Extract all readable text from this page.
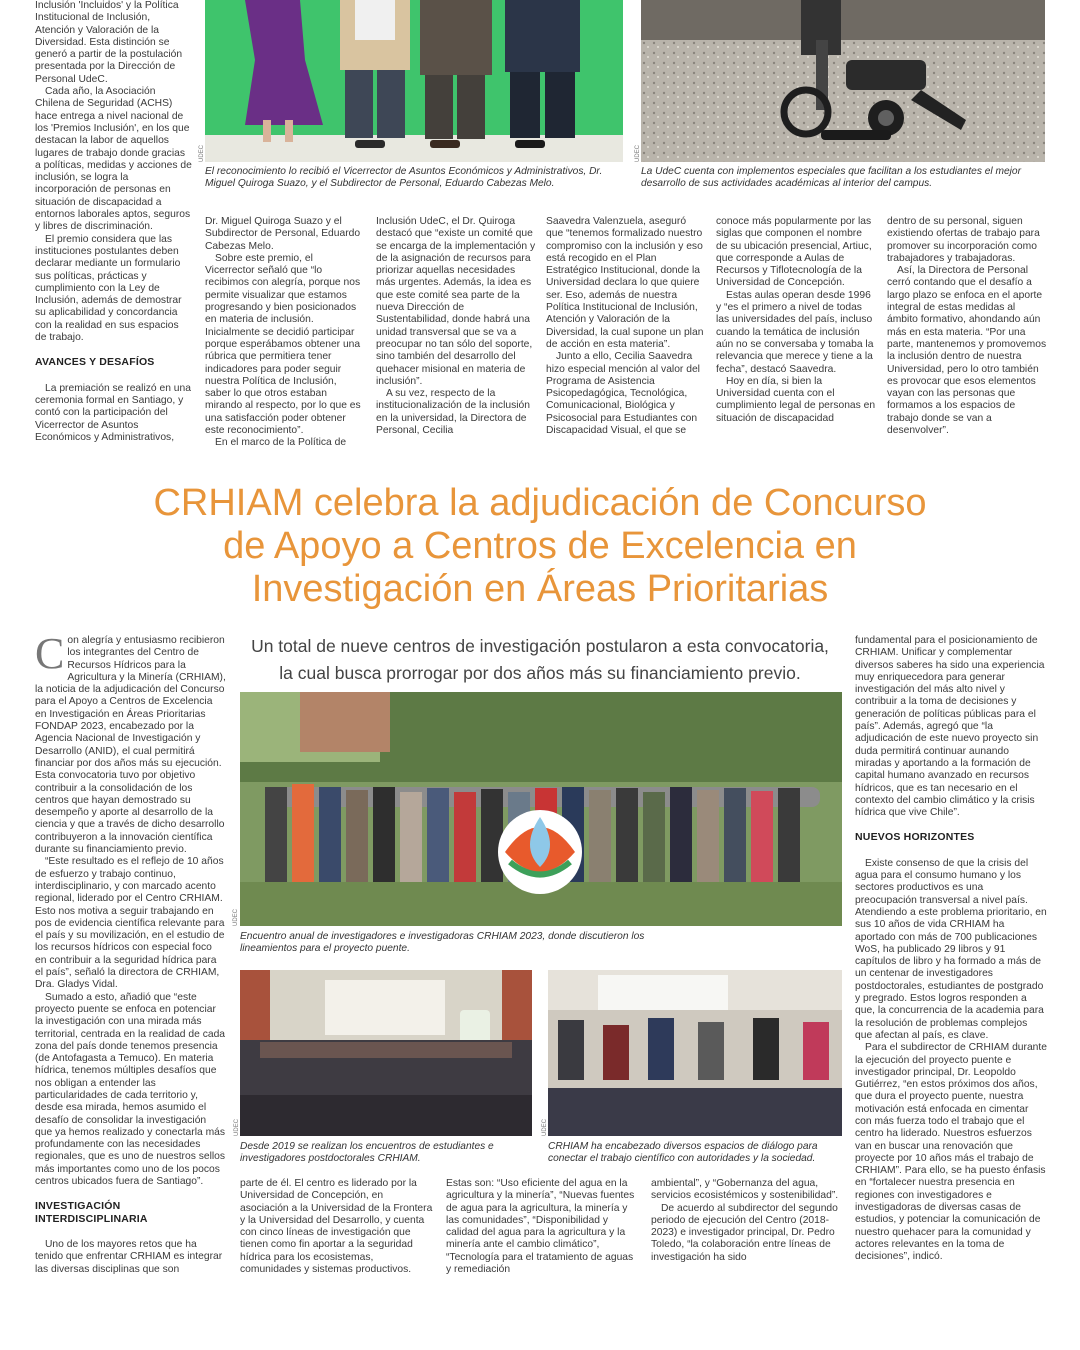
Inclusión 'Incluidos' y la Política Institucional de Inclusión, Atención y Valoración de la Diversidad. Esta distinción se generó a partir de la postulación presentada por la Dirección de Personal UdeC.

Cada año, la Asociación Chilena de Seguridad (ACHS) hace entrega a nivel nacional de los 'Premios Inclusión', en los que destacan la labor de aquellos lugares de trabajo donde gracias a políticas, medidas y acciones de inclusión, se logra la incorporación de personas en situación de discapacidad a entornos laborales aptos, seguros y libres de discriminación.

El premio considera que las instituciones postulantes deben declarar mediante un formulario sus políticas, prácticas y cumplimiento con la Ley de Inclusión, además de demostrar su aplicabilidad y concordancia con la realidad en sus espacios de trabajo.

AVANCES Y DESAFÍOS

La premiación se realizó en una ceremonia formal en Santiago, y contó con la participación del Vicerrector de Asuntos Económicos y Administrativos,

UDEC
El reconocimiento lo recibió el Vicerrector de Asuntos Económicos y Administrativos, Dr. Miguel Quiroga Suazo, y el Subdirector de Personal, Eduardo Cabezas Melo.
UDEC
La UdeC cuenta con implementos especiales que facilitan a los estudiantes el mejor desarrollo de sus actividades académicas al interior del campus.

Dr. Miguel Quiroga Suazo y el Subdirector de Personal, Eduardo Cabezas Melo.

Sobre este premio, el Vicerrector señaló que “lo recibimos con alegría, porque nos permite visualizar que estamos progresando y bien posicionados en materia de inclusión. Inicialmente se decidió participar porque esperábamos obtener una rúbrica que permitiera tener indicadores para poder seguir nuestra Política de Inclusión, saber lo que otros estaban mirando al respecto, por lo que es una satisfacción poder obtener este reconocimiento”.

En el marco de la Política de

Inclusión UdeC, el Dr. Quiroga destacó que “existe un comité que se encarga de la implementación y de la asignación de recursos para priorizar aquellas necesidades más urgentes. Además, la idea es que este comité sea parte de la nueva Dirección de Sustentabilidad, donde habrá una unidad transversal que se va a preocupar no tan sólo del soporte, sino también del desarrollo del quehacer misional en materia de inclusión”.

A su vez, respecto de la institucionalización de la inclusión en la universidad, la Directora de Personal, Cecilia

Saavedra Valenzuela, aseguró que “tenemos formalizado nuestro compromiso con la inclusión y eso está recogido en el Plan Estratégico Institucional, donde la Universidad declara lo que quiere ser. Eso, además de nuestra Política Institucional de Inclusión, Atención y Valoración de la Diversidad, la cual supone un plan de acción en esta materia”.

Junto a ello, Cecilia Saavedra hizo especial mención al valor del Programa de Asistencia Psicopedagógica, Tecnológica, Comunicacional, Biológica y Psicosocial para Estudiantes con Discapacidad Visual, el que se

conoce más popularmente por las siglas que componen el nombre de su ubicación presencial, Artiuc, que corresponde a Aulas de Recursos y Tiflotecnología de la Universidad de Concepción.

Estas aulas operan desde 1996 y “es el primero a nivel de todas las universidades del país, incluso cuando la temática de inclusión aún no se conversaba y tomaba la relevancia que merece y tiene a la fecha”, destacó Saavedra.

Hoy en día, si bien la Universidad cuenta con el cumplimiento legal de personas en situación de discapacidad

dentro de su personal, siguen existiendo ofertas de trabajo para promover su incorporación como trabajadores y trabajadoras.

Así, la Directora de Personal cerró contando que el desafío a largo plazo se enfoca en el aporte integral de estas medidas al ámbito formativo, ahondando aún más en esta materia. “Por una parte, mantenemos y promovemos la inclusión dentro de nuestra Universidad, pero lo otro también es provocar que esos elementos vayan con las personas que formamos a los espacios de trabajo donde se van a desenvolver”.

CRHIAM celebra la adjudicación de Concurso
de Apoyo a Centros de Excelencia en
Investigación en Áreas Prioritarias

Con alegría y entusiasmo recibieron los integrantes del Centro de Recursos Hídricos para la Agricultura y la Minería (CRHIAM), la noticia de la adjudicación del Concurso para el Apoyo a Centros de Excelencia en Investigación en Áreas Prioritarias FONDAP 2023, encabezado por la Agencia Nacional de Investigación y Desarrollo (ANID), el cual permitirá financiar por dos años más su ejecución. Esta convocatoria tuvo por objetivo contribuir a la consolidación de los centros que hayan demostrado su desempeño y aporte al desarrollo de la ciencia y que a través de dicho desarrollo contribuyeron a la innovación científica durante su financiamiento previo.

“Este resultado es el reflejo de 10 años de esfuerzo y trabajo continuo, interdisciplinario, y con marcado acento regional, liderado por el Centro CRHIAM. Esto nos motiva a seguir trabajando en pos de evidencia científica relevante para el país y su movilización, en el estudio de los recursos hídricos con especial foco en contribuir a la seguridad hídrica para el país”, señaló la directora de CRHIAM, Dra. Gladys Vidal.

Sumado a esto, añadió que “este proyecto puente se enfoca en potenciar la investigación con una mirada más territorial, centrada en la realidad de cada zona del país donde tenemos presencia (de Antofagasta a Temuco). En materia hídrica, tenemos múltiples desafíos que nos obligan a entender las particularidades de cada territorio y, desde esa mirada, hemos asumido el desafío de consolidar la investigación que ya hemos realizado y conectarla más profundamente con las necesidades regionales, que es uno de nuestros sellos más importantes como uno de los pocos centros ubicados fuera de Santiago”.

INVESTIGACIÓN INTERDISCIPLINARIA

Uno de los mayores retos que ha tenido que enfrentar CRHIAM es integrar las diversas disciplinas que son

Un total de nueve centros de investigación postularon a esta convocatoria,
la cual busca prorrogar por dos años más su financiamiento previo.
UDEC
Encuentro anual de investigadores e investigadoras CRHIAM 2023, donde discutieron los lineamientos para el proyecto puente.
UDEC
Desde 2019 se realizan los encuentros de estudiantes e investigadores postdoctorales CRHIAM.
UDEC
CRHIAM ha encabezado diversos espacios de diálogo para conectar el trabajo científico con autoridades y la sociedad.

parte de él. El centro es liderado por la Universidad de Concepción, en asociación a la Universidad de la Frontera y la Universidad del Desarrollo, y cuenta con cinco líneas de investigación que tienen como fin aportar a la seguridad hídrica para los ecosistemas, comunidades y sistemas productivos.

Estas son: “Uso eficiente del agua en la agricultura y la minería”, “Nuevas fuentes de agua para la agricultura, la minería y las comunidades”, “Disponibilidad y calidad del agua para la agricultura y la minería ante el cambio climático”, “Tecnología para el tratamiento de aguas y remediación

ambiental”, y “Gobernanza del agua, servicios ecosistémicos y sostenibilidad”.

De acuerdo al subdirector del segundo periodo de ejecución del Centro (2018-2023) e investigador principal, Dr. Pedro Toledo, “la colaboración entre líneas de investigación ha sido

fundamental para el posicionamiento de CRHIAM. Unificar y complementar diversos saberes ha sido una experiencia muy enriquecedora para generar investigación del más alto nivel y contribuir a la toma de decisiones y generación de políticas públicas para el país”. Además, agregó que “la adjudicación de este nuevo proyecto sin duda permitirá continuar aunando miradas y aportando a la formación de capital humano avanzado en recursos hídricos, que es tan necesario en el contexto del cambio climático y la crisis hídrica que vive Chile”.

NUEVOS HORIZONTES

Existe consenso de que la crisis del agua para el consumo humano y los sectores productivos es una preocupación transversal a nivel país. Atendiendo a este problema prioritario, en sus 10 años de vida CRHIAM ha aportado con más de 700 publicaciones WoS, ha publicado 29 libros y 91 capítulos de libro y ha formado a más de un centenar de investigadores postdoctorales, estudiantes de postgrado y pregrado. Estos logros responden a que, la concurrencia de la academia para la resolución de problemas complejos que afectan al país, es clave.

Para el subdirector de CRHIAM durante la ejecución del proyecto puente e investigador principal, Dr. Leopoldo Gutiérrez, “en estos próximos dos años, que dura el proyecto puente, nuestra motivación está enfocada en cimentar con más fuerza todo el trabajo que el centro ha liderado. Nuestros esfuerzos van en buscar una renovación que proyecte por 10 años más el trabajo de CRHIAM”. Para ello, se ha puesto énfasis en “fortalecer nuestra presencia en regiones con investigadores e investigadoras de diversas casas de estudios, y potenciar la comunicación de nuestro quehacer para la comunidad y actores relevantes en la toma de decisiones”, indicó.
